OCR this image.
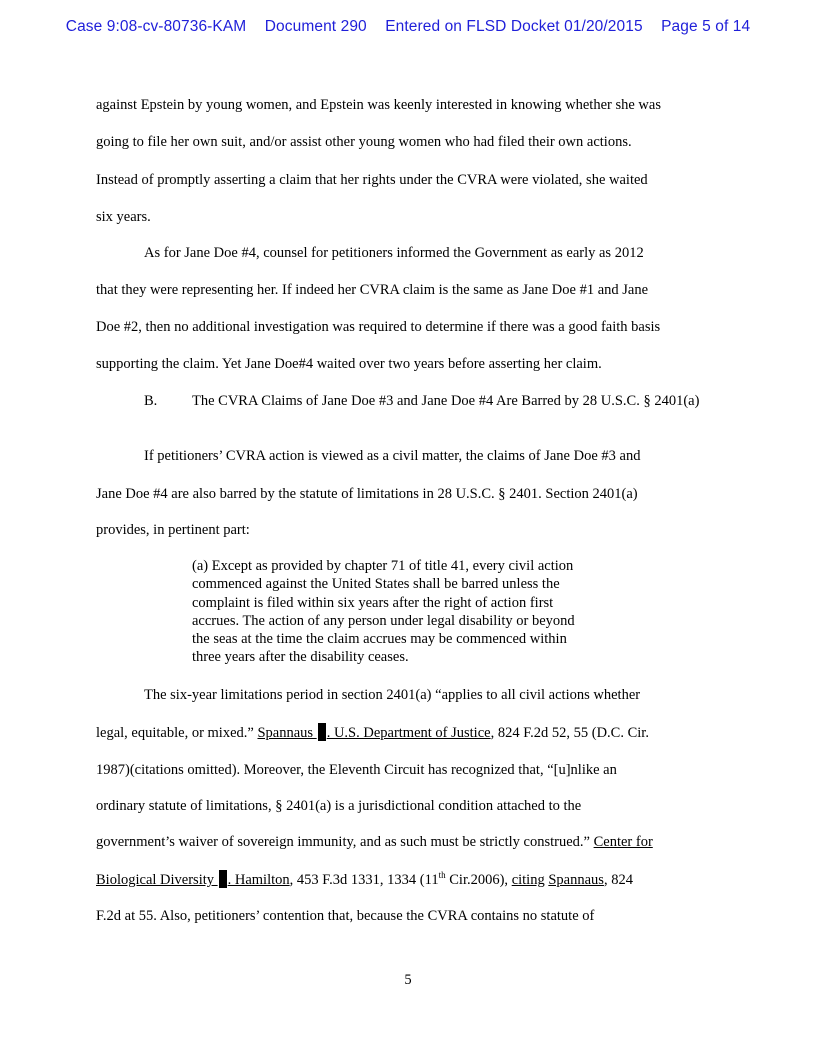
Case 9:08-cv-80736-KAM Document 290 Entered on FLSD Docket 01/20/2015 Page 5 of 14
against Epstein by young women, and Epstein was keenly interested in knowing whether she was
going to file her own suit, and/or assist other young women who had filed their own actions.
Instead of promptly asserting a claim that her rights under the CVRA were violated, she waited
six years.
As for Jane Doe #4, counsel for petitioners informed the Government as early as 2012
that they were representing her. If indeed her CVRA claim is the same as Jane Doe #1 and Jane
Doe #2, then no additional investigation was required to determine if there was a good faith basis
supporting the claim. Yet Jane Doe#4 waited over two years before asserting her claim.
B. The CVRA Claims of Jane Doe #3 and Jane Doe #4 Are Barred by 28 U.S.C. § 2401(a)
If petitioners’ CVRA action is viewed as a civil matter, the claims of Jane Doe #3 and
Jane Doe #4 are also barred by the statute of limitations in 28 U.S.C. § 2401. Section 2401(a)
provides, in pertinent part:
(a) Except as provided by chapter 71 of title 41, every civil action
commenced against the United States shall be barred unless the
complaint is filed within six years after the right of action first
accrues. The action of any person under legal disability or beyond
the seas at the time the claim accrues may be commenced within
three years after the disability ceases.
The six-year limitations period in section 2401(a) “applies to all civil actions whether
legal, equitable, or mixed.” Spannaus . U.S. Department of Justice, 824 F.2d 52, 55 (D.C. Cir.
1987)(citations omitted). Moreover, the Eleventh Circuit has recognized that, “[u]nlike an
ordinary statute of limitations, § 2401(a) is a jurisdictional condition attached to the
government’s waiver of sovereign immunity, and as such must be strictly construed.” Center for
Biological Diversity . Hamilton, 453 F.3d 1331, 1334 (11th Cir.2006), citing Spannaus, 824
F.2d at 55. Also, petitioners’ contention that, because the CVRA contains no statute of
5
